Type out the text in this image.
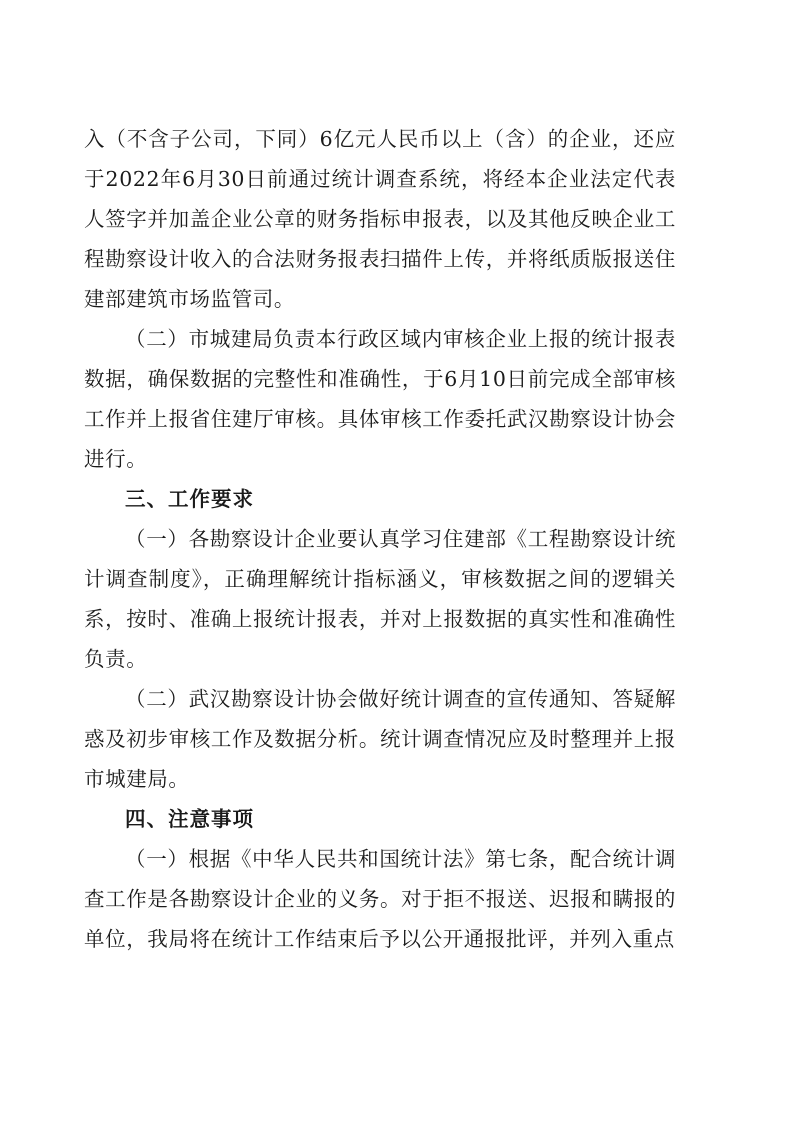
入（不含子公司，下同）6亿元人民币以上（含）的企业，还应于2022年6月30日前通过统计调查系统，将经本企业法定代表人签字并加盖企业公章的财务指标申报表，以及其他反映企业工程勘察设计收入的合法财务报表扫描件上传，并将纸质版报送住建部建筑市场监管司。

（二）市城建局负责本行政区域内审核企业上报的统计报表数据，确保数据的完整性和准确性，于6月10日前完成全部审核工作并上报省住建厅审核。具体审核工作委托武汉勘察设计协会进行。

三、工作要求

（一）各勘察设计企业要认真学习住建部《工程勘察设计统计调查制度》，正确理解统计指标涵义，审核数据之间的逻辑关系，按时、准确上报统计报表，并对上报数据的真实性和准确性负责。

（二）武汉勘察设计协会做好统计调查的宣传通知、答疑解惑及初步审核工作及数据分析。统计调查情况应及时整理并上报市城建局。

四、注意事项

（一）根据《中华人民共和国统计法》第七条，配合统计调查工作是各勘察设计企业的义务。对于拒不报送、迟报和瞒报的单位，我局将在统计工作结束后予以公开通报批评，并列入重点
